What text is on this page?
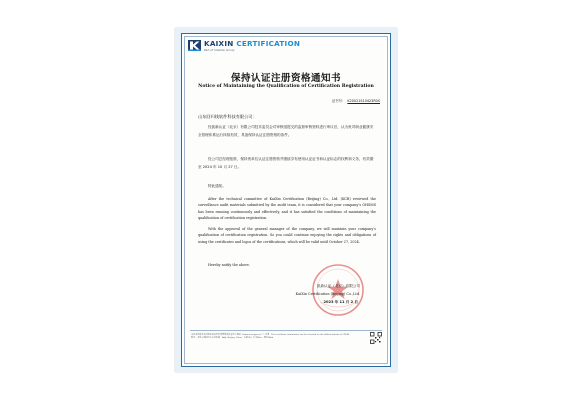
KAIXIN CERTIFICATION
Part of Intertek Group
保持认证注册资格通知书
Notice of Maintaining the Qualification of Certification Registration
证书号： K20021S10423R0S
山东回归线软件科技有限公司：

经凯新认证（北京）有限公司技术委员会对审核组提交的监督审核资料进行审议后，认为贵司职业健康安全管理体系运行持续有效，具备保持认证注册资格的条件。

经公司总经理批准，保持贵单位认证注册资格并继续享有使用认证证书和认证标志的权利和义务，有效期至 2024 年 10 月 27 日。

特此通知。

After the technical committee of KaiXin Certification (Beijing) Co., Ltd. (KCB) reviewed the surveillance audit materials submitted by the audit team, it is considered that your company’s OHSMS has been running continuously and effectively, and it has satisfied the conditions of maintaining the qualification of certification registration.

With the approval of the general manager of the company, we will maintain your company’s qualification of certification registration. So you could continue enjoying the rights and obligations of using the certificates and logos of the certifications, which will be valid until October 27, 2024.

Hereby notify the above.

凯新认证（北京）有限公司
KaiXin Certification (Beijing) Co.,Ltd.
2023 年 11 月 2 日
本证书信息可在国家认证认可监督管理委员会官方网站（www.cnca.gov.cn）上查询 · This certificate information can be checked on the official website of CNCA.
地址：北京市海淀区中关村东路 · Add: Beijing, China · 电话/Tel · 传真/Fax · 网址/Web
